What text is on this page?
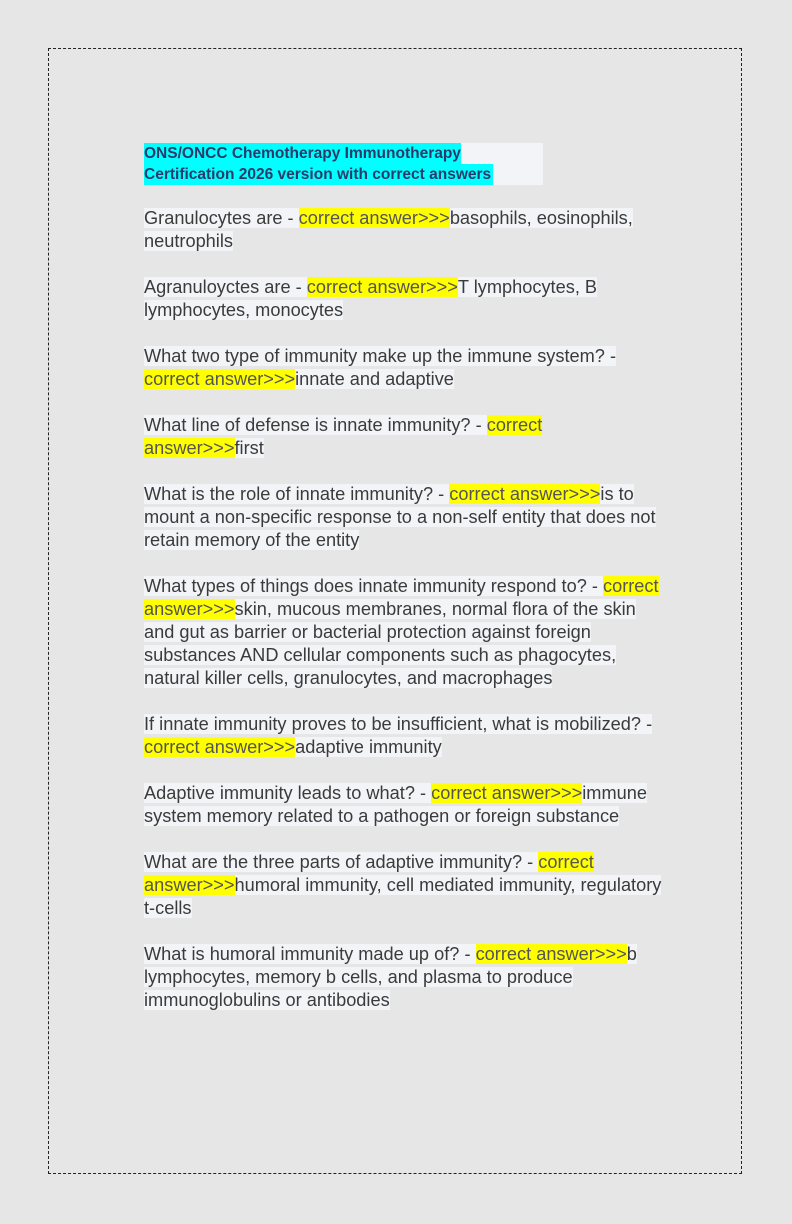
ONS/ONCC Chemotherapy Immunotherapy
Certification 2026 version with correct answers

Granulocytes are - correct answer>>>basophils, eosinophils, neutrophils

Agranuloyctes are - correct answer>>>T lymphocytes, B lymphocytes, monocytes

What two type of immunity make up the immune system? - correct answer>>>innate and adaptive

What line of defense is innate immunity? - correct answer>>>first

What is the role of innate immunity? - correct answer>>>is to mount a non-specific response to a non-self entity that does not retain memory of the entity

What types of things does innate immunity respond to? - correct answer>>>skin, mucous membranes, normal flora of the skin and gut as barrier or bacterial protection against foreign substances AND cellular components such as phagocytes, natural killer cells, granulocytes, and macrophages

If innate immunity proves to be insufficient, what is mobilized? - correct answer>>>adaptive immunity

Adaptive immunity leads to what? - correct answer>>>immune system memory related to a pathogen or foreign substance

What are the three parts of adaptive immunity? - correct answer>>>humoral immunity, cell mediated immunity, regulatory t-cells

What is humoral immunity made up of? - correct answer>>>b lymphocytes, memory b cells, and plasma to produce immunoglobulins or antibodies
